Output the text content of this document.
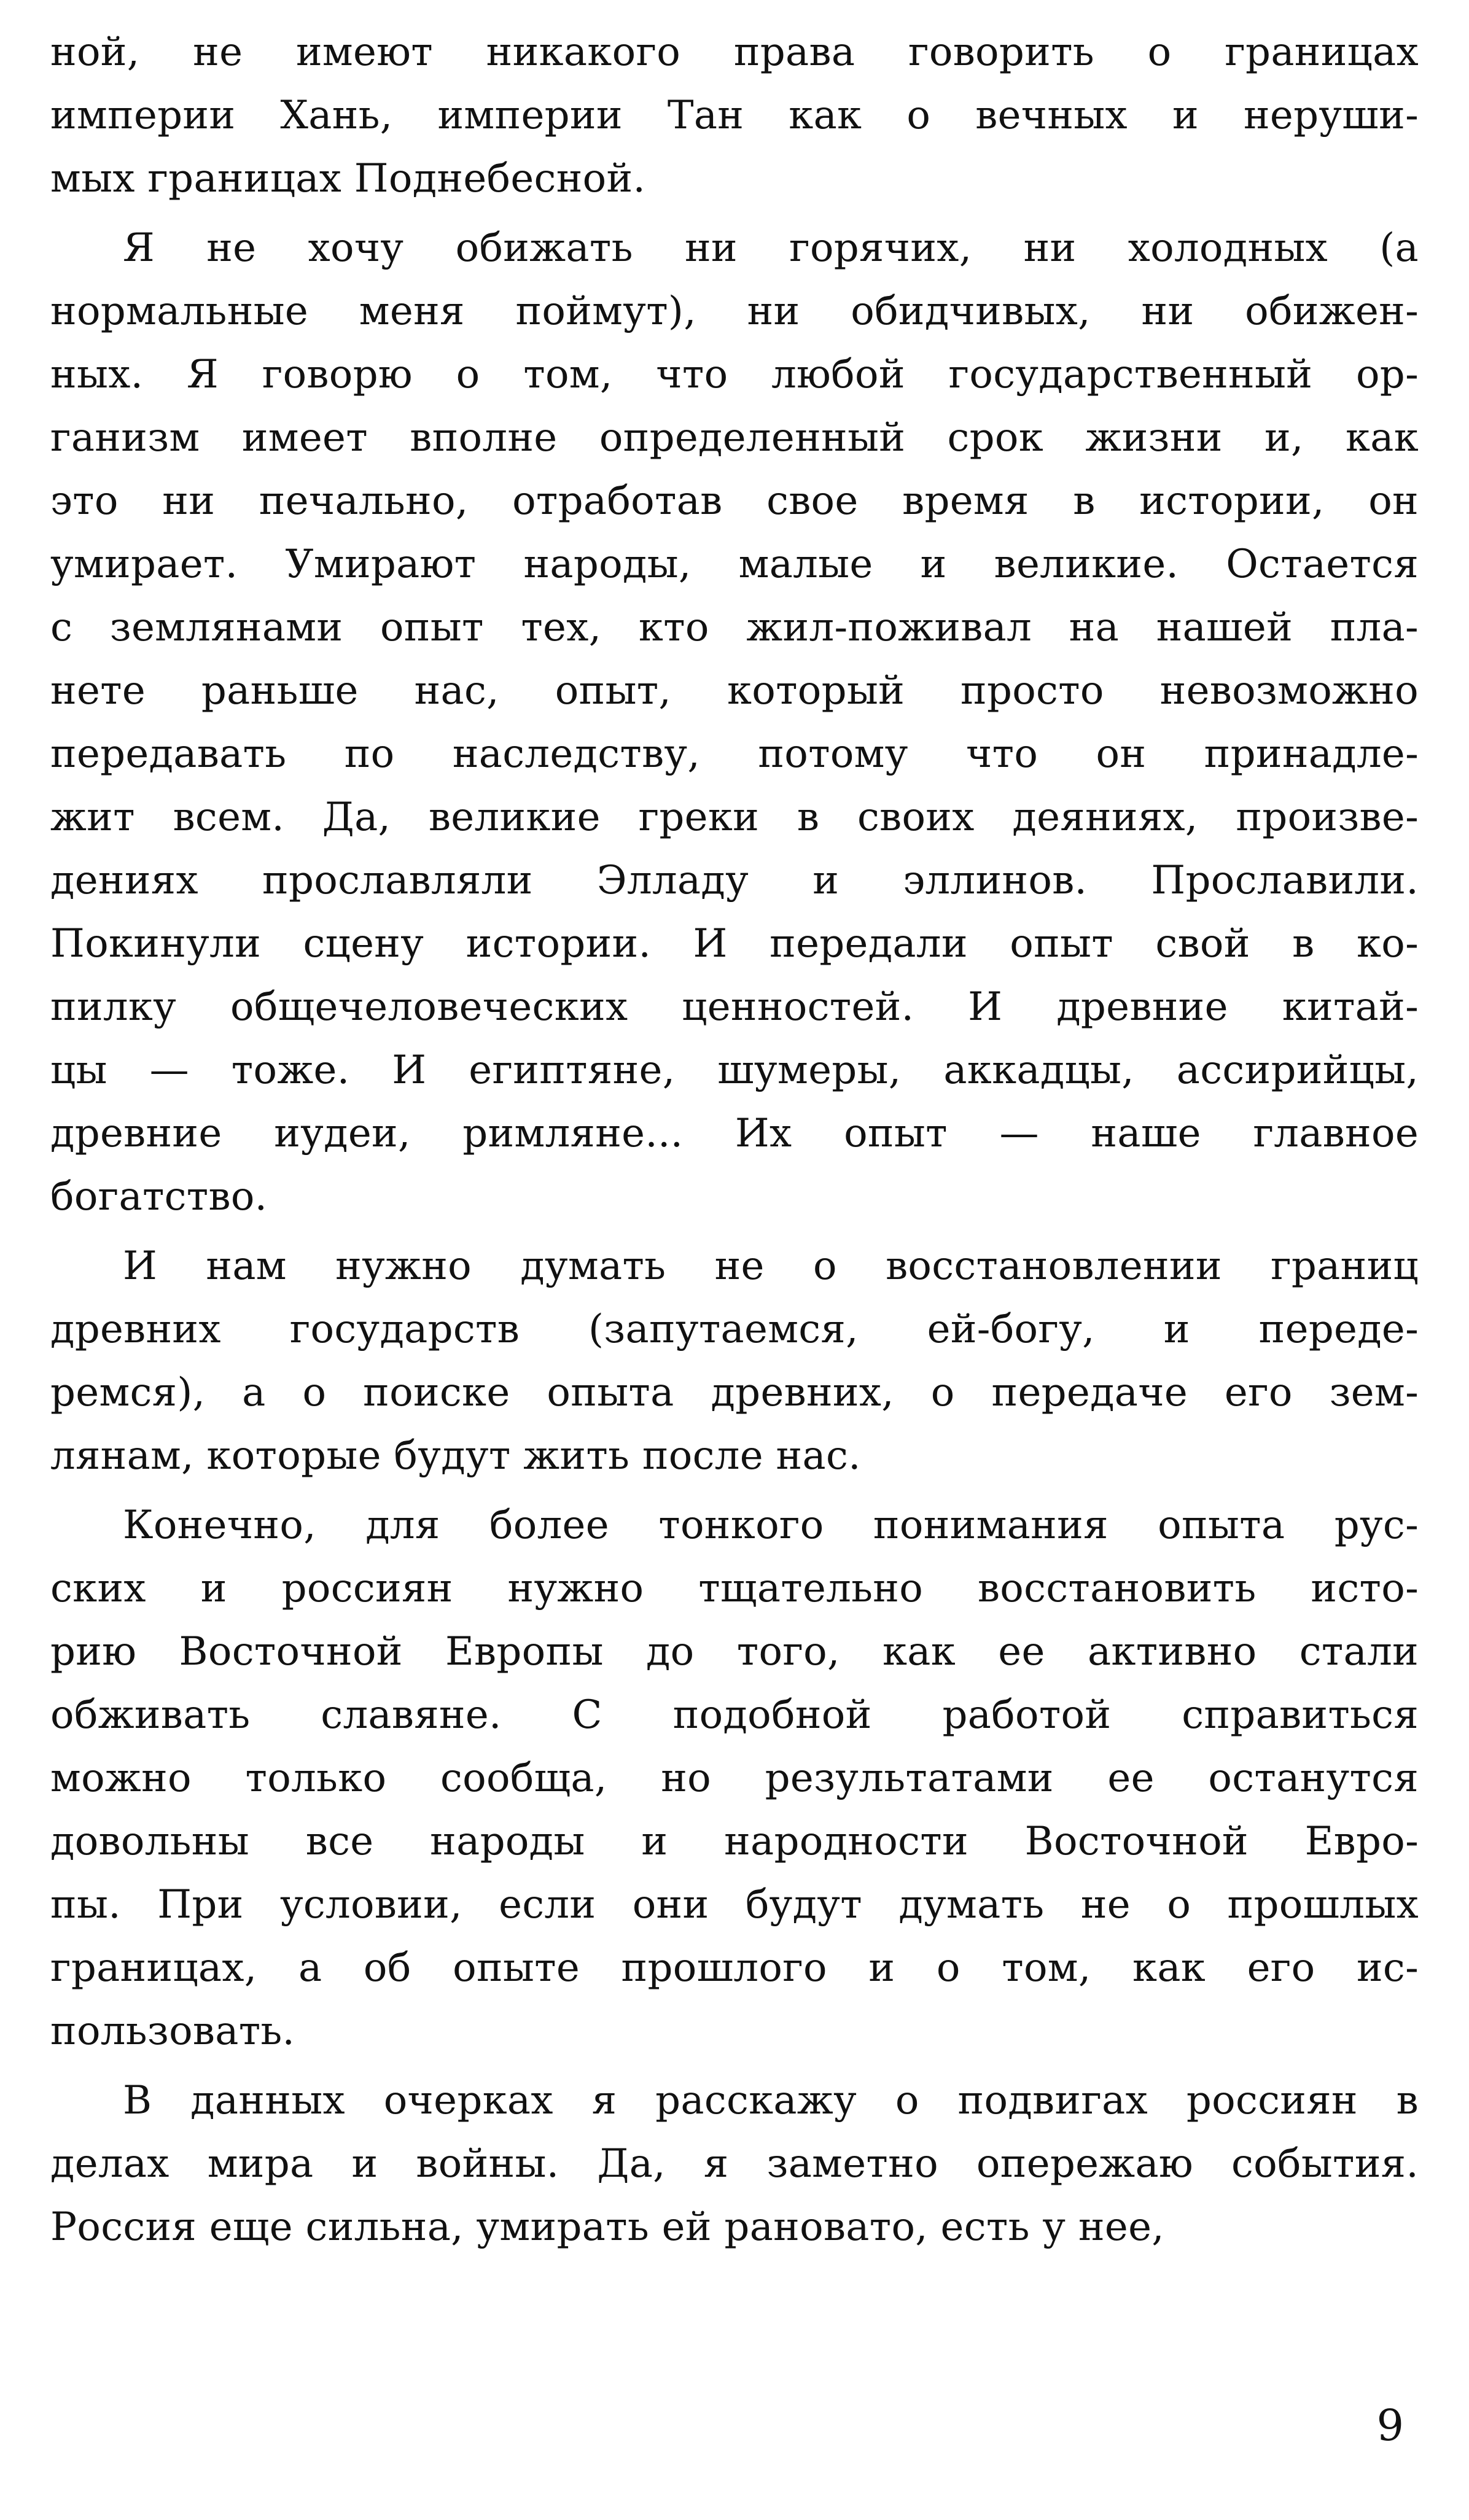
ной, не имеют никакого права говорить о границах
империи Хань, империи Тан как о вечных и неруши-
мых границах Поднебесной.
Я не хочу обижать ни горячих, ни холодных (а
нормальные меня поймут), ни обидчивых, ни обижен-
ных. Я говорю о том, что любой государственный ор-
ганизм имеет вполне определенный срок жизни и, как
это ни печально, отработав свое время в истории, он
умирает. Умирают народы, малые и великие. Остается
с землянами опыт тех, кто жил-поживал на нашей пла-
нете раньше нас, опыт, который просто невозможно
передавать по наследству, потому что он принадле-
жит всем. Да, великие греки в своих деяниях, произве-
дениях прославляли Элладу и эллинов. Прославили.
Покинули сцену истории. И передали опыт свой в ко-
пилку общечеловеческих ценностей. И древние китай-
цы — тоже. И египтяне, шумеры, аккадцы, ассирийцы,
древние иудеи, римляне... Их опыт — наше главное
богатство.
И нам нужно думать не о восстановлении границ
древних государств (запутаемся, ей-богу, и переде-
ремся), а о поиске опыта древних, о передаче его зем-
лянам, которые будут жить после нас.
Конечно, для более тонкого понимания опыта рус-
ских и россиян нужно тщательно восстановить исто-
рию Восточной Европы до того, как ее активно стали
обживать славяне. С подобной работой справиться
можно только сообща, но результатами ее останутся
довольны все народы и народности Восточной Евро-
пы. При условии, если они будут думать не о прошлых
границах, а об опыте прошлого и о том, как его ис-
пользовать.
В данных очерках я расскажу о подвигах россиян в
делах мира и войны. Да, я заметно опережаю события.
Россия еще сильна, умирать ей рановато, есть у нее,
9
